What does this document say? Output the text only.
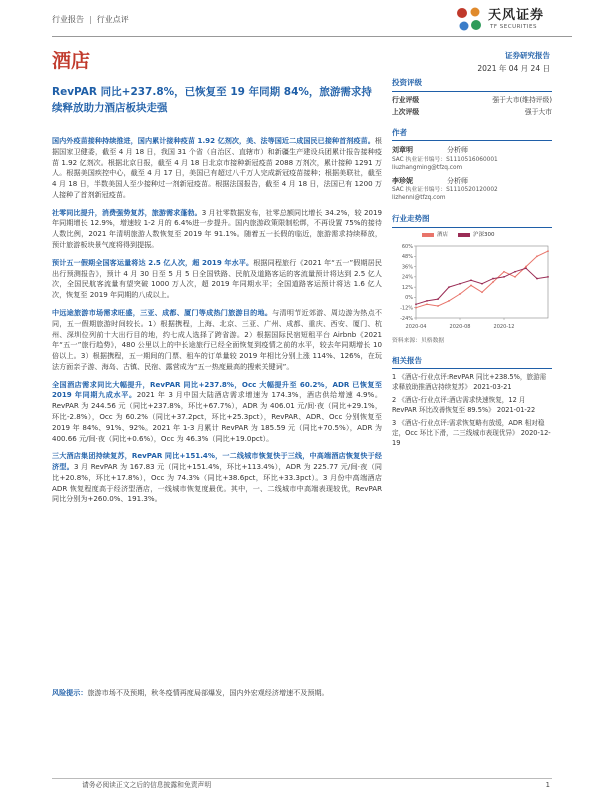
行业报告 | 行业点评	天风证券
TF SECURITIES
酒店	证券研究报告
2021 年 04 月 24 日
RevPAR 同比+237.8%，已恢复至 19 年同期 84%，旅游需求持续释放助力酒店板块走强

国内外疫苗接种持续推进，国内累计接种疫苗 1.92 亿剂次，美、法等国近二成国民已接种首剂疫苗。根据国家卫健委，截至 4 月 18 日，我国 31 个省（自治区、直辖市）和新疆生产建设兵团累计报告接种疫苗 1.92 亿剂次。根据北京日报，截至 4 月 18 日北京市接种新冠疫苗 2088 万剂次，累计接种 1291 万人。根据美国疾控中心，截至 4 月 17 日，美国已有超过八千万人完成新冠疫苗接种；根据美联社，截至 4 月 18 日，半数美国人至少接种过一剂新冠疫苗。根据法国报告，截至 4 月 18 日，法国已有 1200 万人接种了首剂新冠疫苗。

社零同比提升，消费强势复苏，旅游需求蓬勃。3 月社零数据发布，社零总额同比增长 34.2%，较 2019 年同期增长 12.9%，增速较 1-2 月的 6.4%进一步提升。国内旅游政策限制松绑，不再设置 75%的接待人数比例，2021 年清明旅游人数恢复至 2019 年 91.1%。随着五一长假的临近，旅游需求持续释放，预计旅游板块景气度将得到提振。

预计五一假期全国客运量将达 2.5 亿人次，超 2019 年水平。根据同程旅行《2021 年“五一”假期居民出行预测报告》，预计 4 月 30 日至 5 月 5 日全国铁路、民航及道路客运的客流量预计将达到 2.5 亿人次，全国民航客流量有望突破 1000 万人次，超 2019 年同期水平；全国道路客运预计将达 1.6 亿人次，恢复至 2019 年同期的八成以上。

中远途旅游市场需求旺盛，三亚、成都、厦门等成热门旅游目的地。与清明节近郊游、周边游为热点不同，五一假期旅游时间较长。1）根据携程，上海、北京、三亚、广州、成都、重庆、西安、厦门、杭州、深圳位列前十大出行目的地，约七成人选择了跨省游。2）根据国际民宿短租平台 Airbnb《2021 年“五一”旅行趋势》，480 公里以上的中长途旅行已经全面恢复到疫情之前的水平，较去年同期增长 10 倍以上。3）根据携程，五一期间的门票、租车的订单量较 2019 年相比分别上涨 114%、126%，在玩法方面亲子游、海岛、古镇、民宿、露营成为“五一热度最高的搜索关键词”。

全国酒店需求同比大幅提升，RevPAR 同比+237.8%，Occ 大幅提升至 60.2%，ADR 已恢复至 2019 年同期九成水平。2021 年 3 月中国大陆酒店需求增速为 174.3%，酒店供给增速 4.9%。RevPAR 为 244.56 元（同比+237.8%，环比+67.7%），ADR 为 406.01 元/间·夜（同比+29.1%，环比-2.8%），Occ 为 60.2%（同比+37.2pct，环比+25.3pct），RevPAR、ADR、Occ 分别恢复至 2019 年 84%、91%、92%。2021 年 1-3 月累计 RevPAR 为 185.59 元（同比+70.5%），ADR 为 400.66 元/间·夜（同比+0.6%），Occ 为 46.3%（同比+19.0pct）。

三大酒店集团持续复苏，RevPAR 同比+151.4%，一二线城市恢复快于三线，中高端酒店恢复快于经济型。3 月 RevPAR 为 167.83 元（同比+151.4%，环比+113.4%），ADR 为 225.77 元/间·夜（同比+20.8%，环比+17.8%），Occ 为 74.3%（同比+38.6pct，环比+33.3pct）。3 月份中高端酒店 ADR 恢复程度高于经济型酒店，一线城市恢复度最优。其中，一、二线城市中高端表现较优，RevPAR 同比分别为+260.0%、191.3%。

风险提示：旅游市场不及预期，秋冬疫情再度局部爆发，国内外宏观经济增速不及预期。
投资评级
行业评级	强于大市(维持评级)
上次评级	强于大市
作者
刘章明	分析师
SAC 执业证书编号：S1110516060001
liuzhangming@tfzq.com
李珍妮	分析师
SAC 执业证书编号：S1110520120002
lizhenni@tfzq.com
行业走势图
酒店	沪深300
-24%
-12%
0%
12%
24%
36%
48%
60%
2020-04	2020-08	2020-12
资料来源：贝格数据
相关报告
1 《酒店-行业点评:RevPAR 同比+238.5%，旅游需求释放助推酒店持续复苏》 2021-03-21
2 《酒店-行业点评:酒店需求快速恢复，12 月 RevPAR 环比改善恢复至 89.5%》 2021-01-22
3 《酒店-行业点评:需求恢复略有放缓，ADR 相对稳定，Occ 环比下滑，二三线城市表现优异》 2020-12-19
请务必阅读正文之后的信息披露和免责声明	1
